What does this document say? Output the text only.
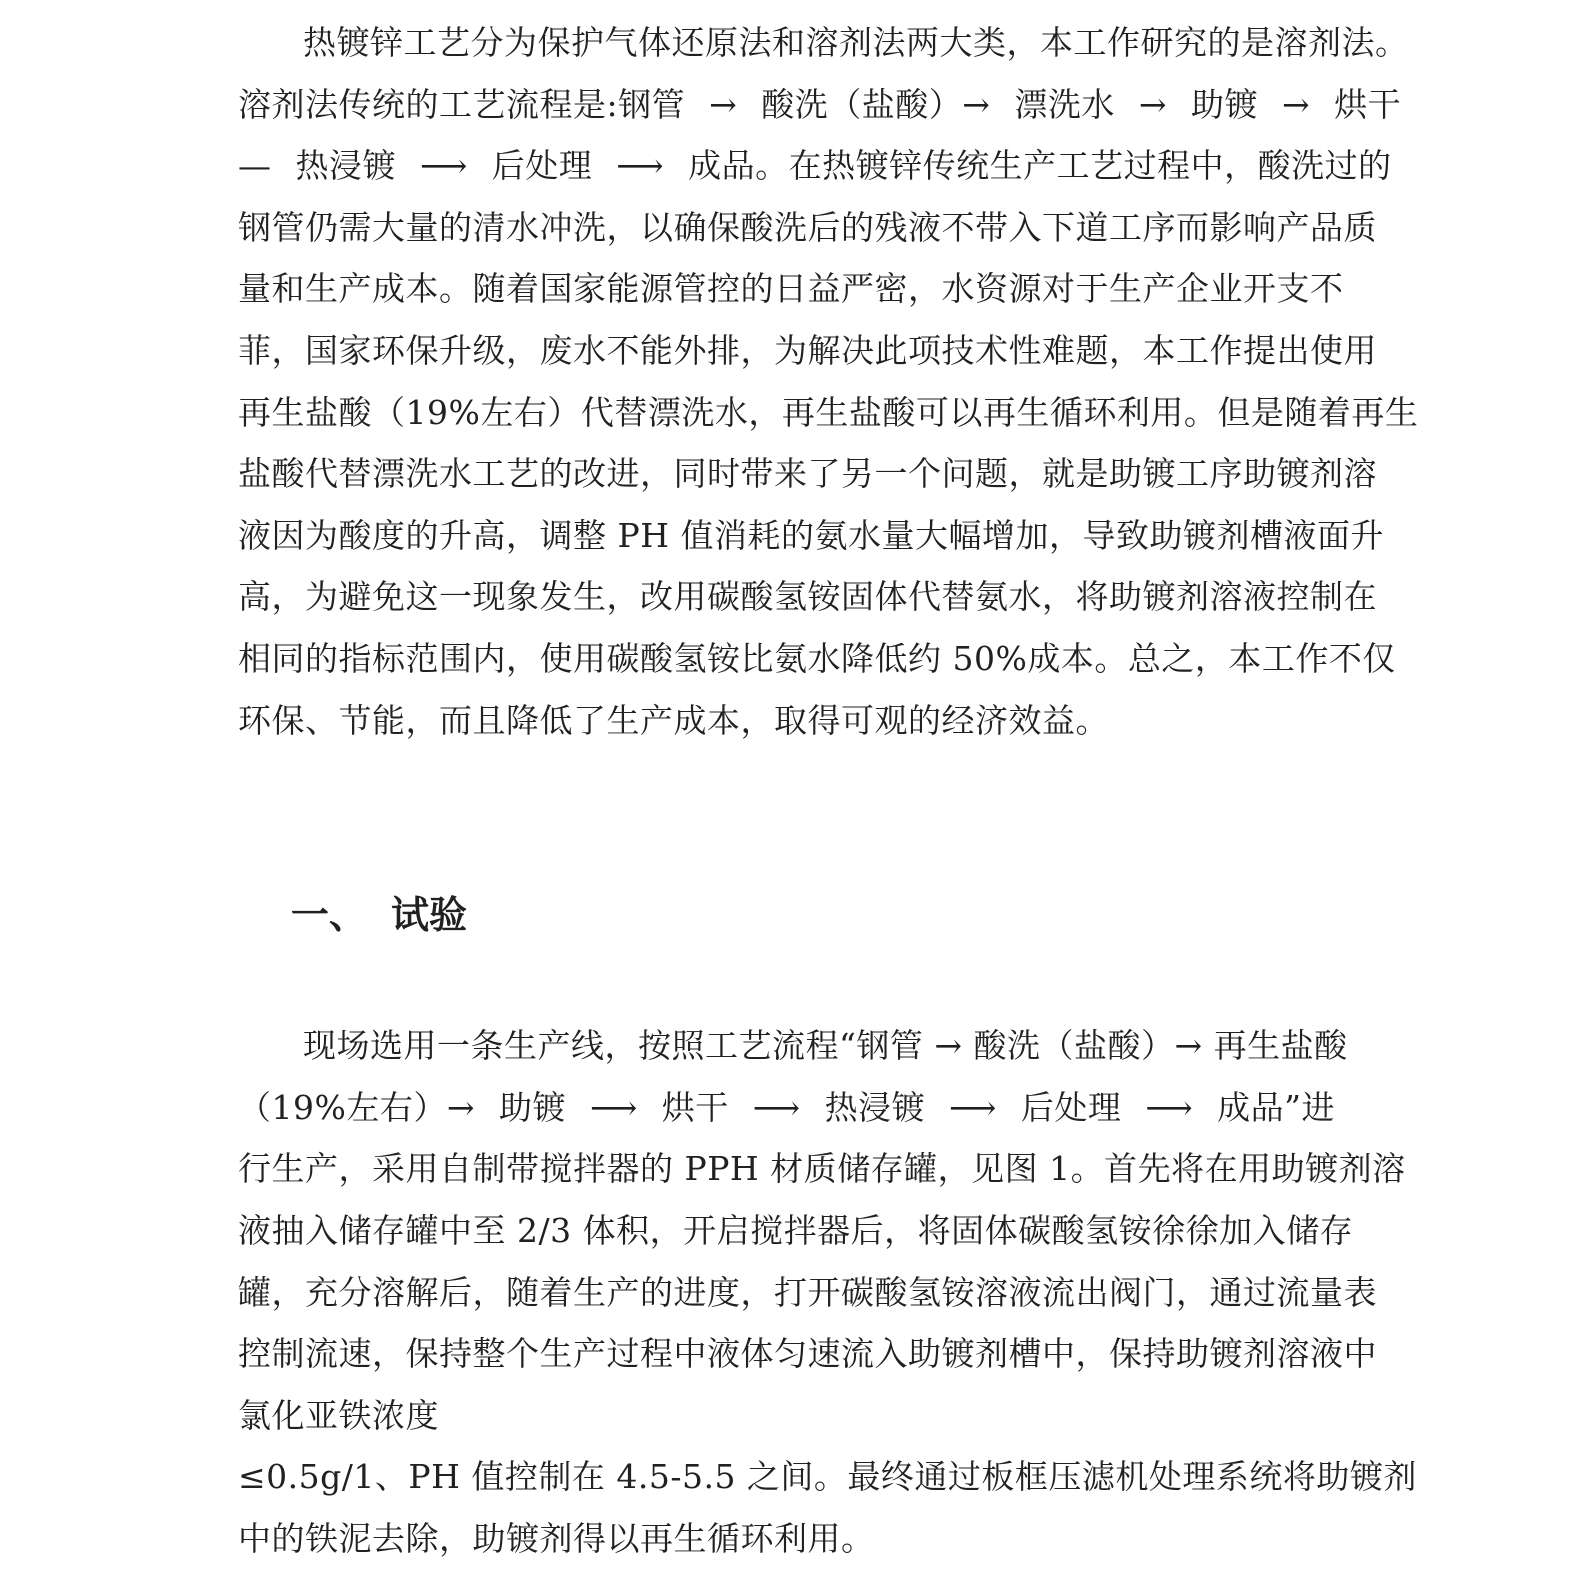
热镀锌工艺分为保护气体还原法和溶剂法两大类，本工作研究的是溶剂法。

溶剂法传统的工艺流程是:钢管 → 酸洗（盐酸）→ 漂洗水 → 助镀 → 烘干

— 热浸镀 ⟶ 后处理 ⟶ 成品。在热镀锌传统生产工艺过程中，酸洗过的

钢管仍需大量的清水冲洗，以确保酸洗后的残液不带入下道工序而影响产品质

量和生产成本。随着国家能源管控的日益严密，水资源对于生产企业开支不

菲，国家环保升级，废水不能外排，为解决此项技术性难题，本工作提出使用

再生盐酸（19%左右）代替漂洗水，再生盐酸可以再生循环利用。但是随着再生

盐酸代替漂洗水工艺的改进，同时带来了另一个问题，就是助镀工序助镀剂溶

液因为酸度的升高，调整 PH 值消耗的氨水量大幅增加，导致助镀剂槽液面升

高，为避免这一现象发生，改用碳酸氢铵固体代替氨水，将助镀剂溶液控制在

相同的指标范围内，使用碳酸氢铵比氨水降低约 50%成本。总之，本工作不仅

环保、节能，而且降低了生产成本，取得可观的经济效益。

一、 试验

现场选用一条生产线，按照工艺流程“钢管 → 酸洗（盐酸）→ 再生盐酸

（19%左右）→ 助镀 ⟶ 烘干 ⟶ 热浸镀 ⟶ 后处理 ⟶ 成品”进

行生产，采用自制带搅拌器的 PPH 材质储存罐，见图 1。首先将在用助镀剂溶

液抽入储存罐中至 2/3 体积，开启搅拌器后，将固体碳酸氢铵徐徐加入储存

罐，充分溶解后，随着生产的进度，打开碳酸氢铵溶液流出阀门，通过流量表

控制流速，保持整个生产过程中液体匀速流入助镀剂槽中，保持助镀剂溶液中

氯化亚铁浓度

≤0.5g/1、PH 值控制在 4.5-5.5 之间。最终通过板框压滤机处理系统将助镀剂

中的铁泥去除，助镀剂得以再生循环利用。
